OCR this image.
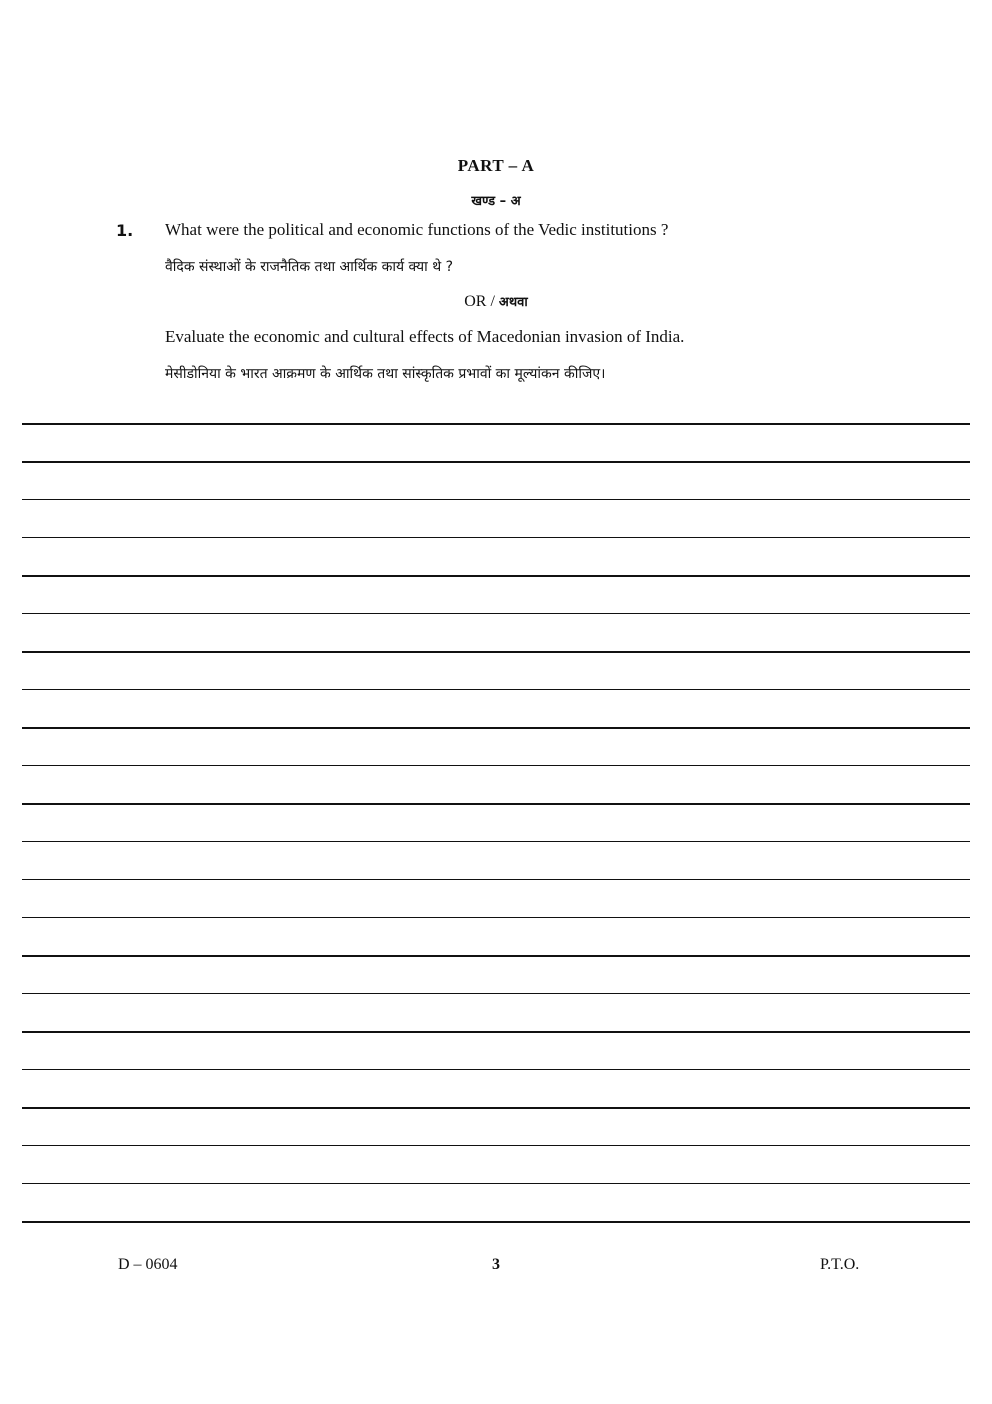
PART – A
खण्ड – अ
1. What were the political and economic functions of the Vedic institutions ?
वैदिक संस्थाओं के राजनैतिक तथा आर्थिक कार्य क्या थे ?
OR / अथवा
Evaluate the economic and cultural effects of Macedonian invasion of India.
मेसीडोनिया के भारत आक्रमण के आर्थिक तथा सांस्कृतिक प्रभावों का मूल्यांकन कीजिए।
D – 0604	3	P.T.O.
